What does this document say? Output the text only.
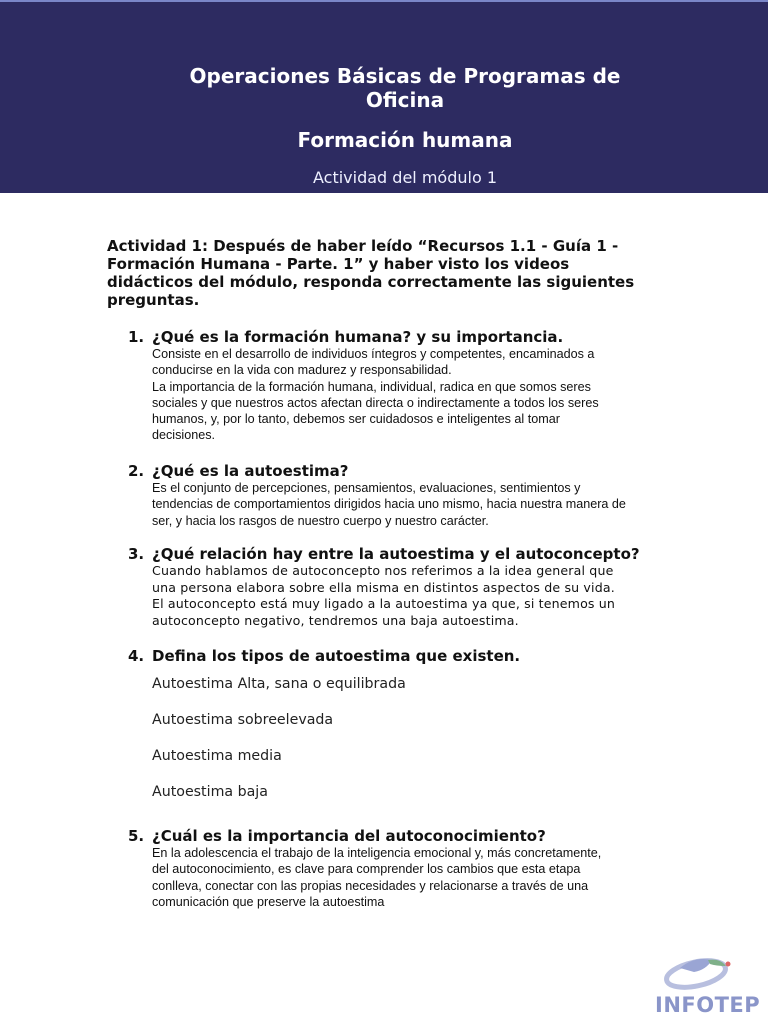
Operaciones Básicas de Programas de Oficina
Formación humana
Actividad del módulo 1
Actividad 1: Después de haber leído “Recursos 1.1 - Guía 1 - Formación Humana - Parte. 1” y haber visto los videos didácticos del módulo, responda correctamente las siguientes preguntas.
1. ¿Qué es la formación humana? y su importancia.
Consiste en el desarrollo de individuos íntegros y competentes, encaminados a
conducirse en la vida con madurez y responsabilidad.
La importancia de la formación humana, individual, radica en que somos seres
sociales y que nuestros actos afectan directa o indirectamente a todos los seres
humanos, y, por lo tanto, debemos ser cuidadosos e inteligentes al tomar
decisiones.
2. ¿Qué es la autoestima?
Es el conjunto de percepciones, pensamientos, evaluaciones, sentimientos y
tendencias de comportamientos dirigidos hacia uno mismo, hacia nuestra manera de
ser, y hacia los rasgos de nuestro cuerpo y nuestro carácter.
3. ¿Qué relación hay entre la autoestima y el autoconcepto?
Cuando hablamos de autoconcepto nos referimos a la idea general que
una persona elabora sobre ella misma en distintos aspectos de su vida.
El autoconcepto está muy ligado a la autoestima ya que, si tenemos un
autoconcepto negativo, tendremos una baja autoestima.
4. Defina los tipos de autoestima que existen.
Autoestima Alta, sana o equilibrada
Autoestima sobreelevada
Autoestima media
Autoestima baja
5. ¿Cuál es la importancia del autoconocimiento?
En la adolescencia el trabajo de la inteligencia emocional y, más concretamente,
del autoconocimiento, es clave para comprender los cambios que esta etapa
conlleva, conectar con las propias necesidades y relacionarse a través de una
comunicación que preserve la autoestima
INFOTEP
